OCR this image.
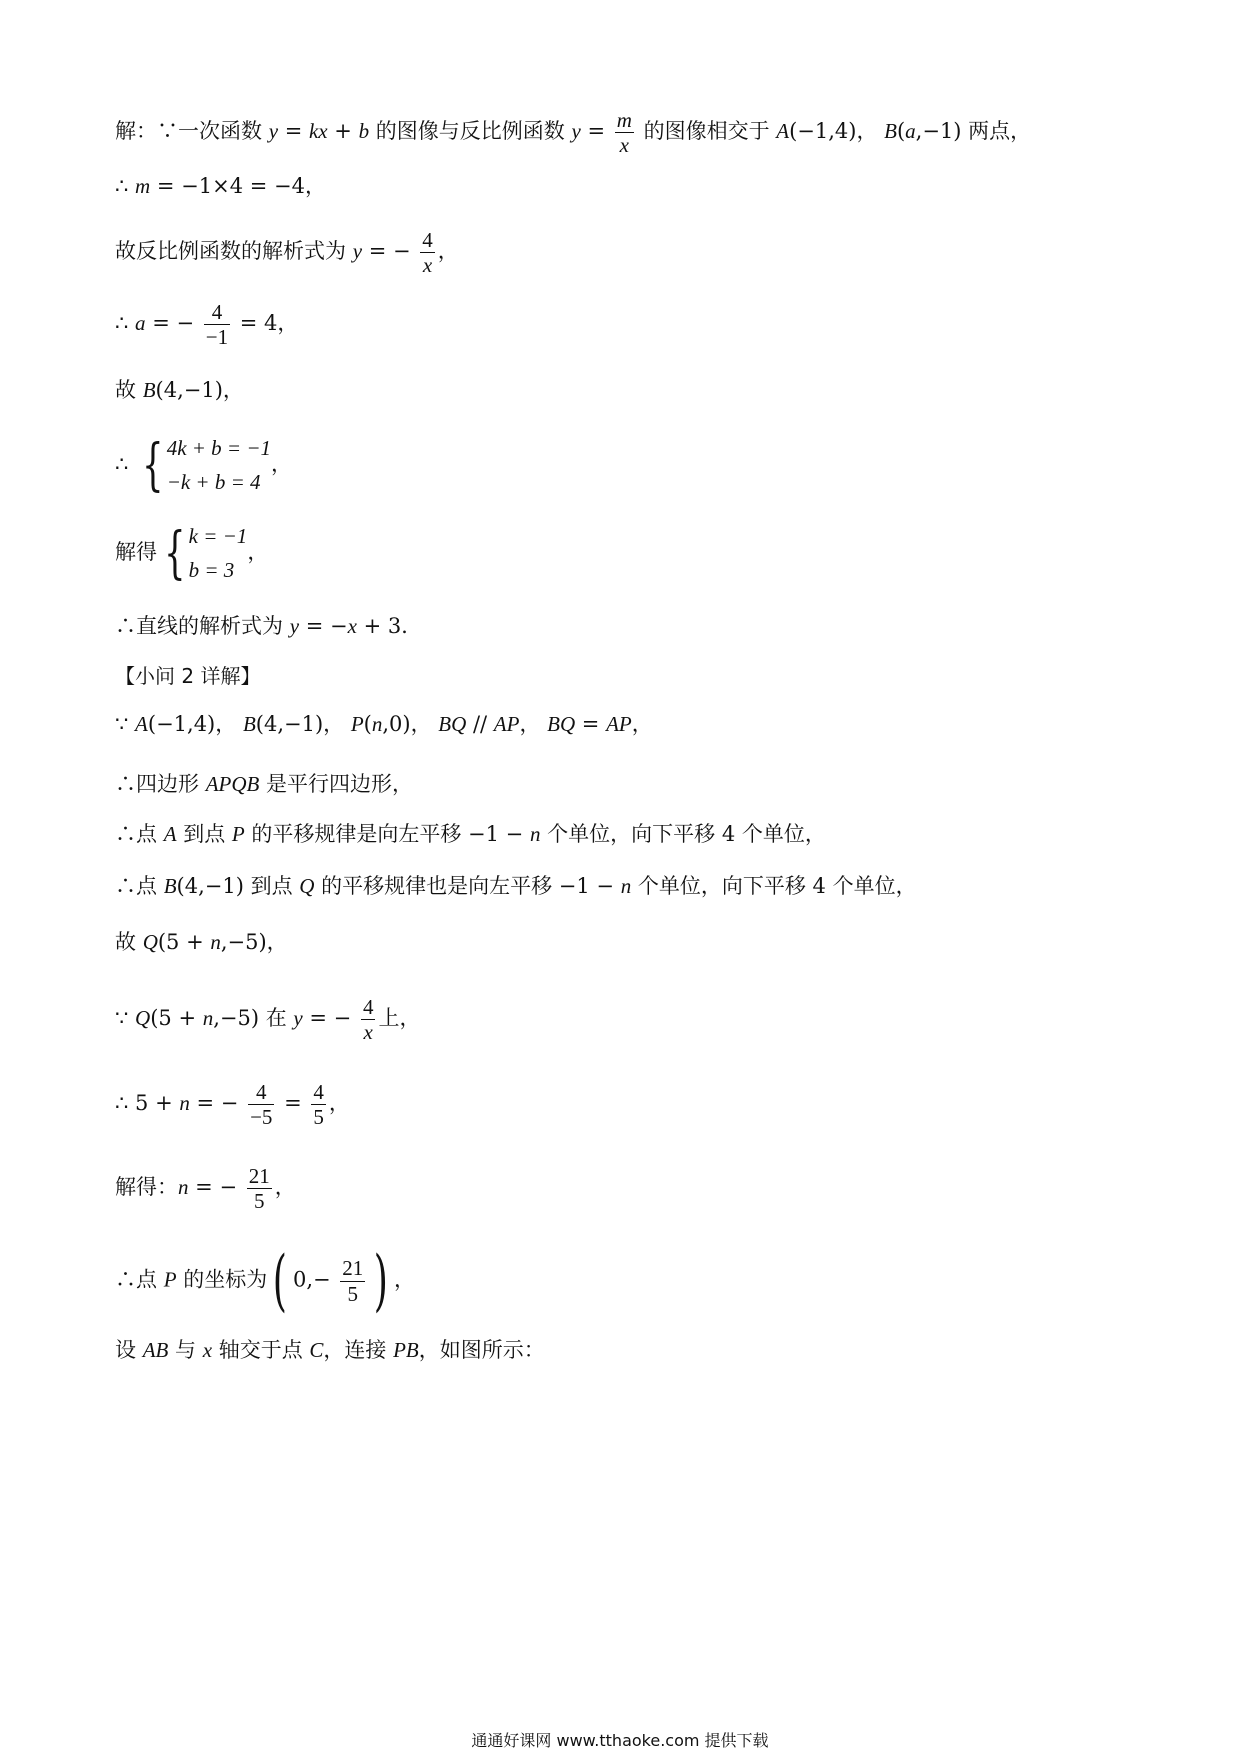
解：∵一次函数 y = kx + b 的图像与反比例函数 $y = \frac{m}{x}$ 的图像相交于 A(−1,4)， B(a,−1) 两点，
∴ m = −1×4 = −4，
故反比例函数的解析式为 y = − $\frac{4}{x}$ ，
∴ a = − $\frac{4}{-1} = 4$，
故 B(4,−1)，
∴ { 4k + b = −1
−k + b = 4
，
解得 { k = −1
b = 3
，
∴直线的解析式为 y = −x + 3．
【小问 2 详解】
∵ A(−1,4)， B(4,−1)， P(n,0)， BQ // AP， BQ = AP，
∴四边形 APQB 是平行四边形，
∴点 A 到点 P 的平移规律是向左平移 −1 − n 个单位，向下平移 4 个单位，
∴点 B(4,−1) 到点 Q 的平移规律也是向左平移 −1 − n 个单位，向下平移 4 个单位，
故 Q(5 + n,−5)，
∵ Q(5 + n,−5) 在 y = − $\frac{4}{x}$ 上，
∴ 5 + n = − $\frac{4}{-5} = \frac{4}{5}$ ，
解得：n = − $\frac{21}{5}$ ，
∴点 P 的坐标为( $0,- \frac{21}{5}$ ) ，
设 AB 与 x 轴交于点 C，连接 PB，如图所示：
通通好课网 www.tthaoke.com 提供下载
